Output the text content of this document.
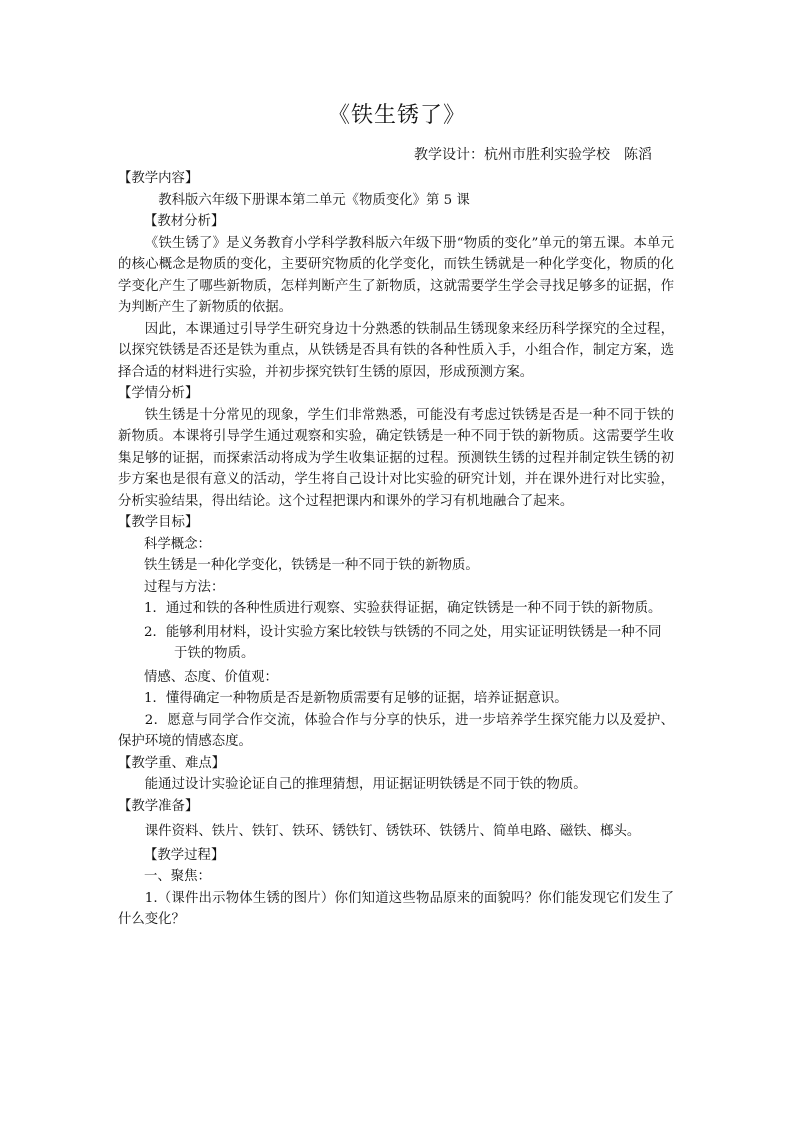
《铁生锈了》
教学设计：杭州市胜利实验学校　陈滔
【教学内容】

教科版六年级下册课本第二单元《物质变化》第 5 课

【教材分析】

《铁生锈了》是义务教育小学科学教科版六年级下册“物质的变化”单元的第五课。本单元的核心概念是物质的变化，主要研究物质的化学变化，而铁生锈就是一种化学变化，物质的化学变化产生了哪些新物质，怎样判断产生了新物质，这就需要学生学会寻找足够多的证据，作为判断产生了新物质的依据。

因此，本课通过引导学生研究身边十分熟悉的铁制品生锈现象来经历科学探究的全过程，以探究铁锈是否还是铁为重点，从铁锈是否具有铁的各种性质入手，小组合作，制定方案，选择合适的材料进行实验，并初步探究铁钉生锈的原因，形成预测方案。

【学情分析】

铁生锈是十分常见的现象，学生们非常熟悉，可能没有考虑过铁锈是否是一种不同于铁的新物质。本课将引导学生通过观察和实验，确定铁锈是一种不同于铁的新物质。这需要学生收集足够的证据，而探索活动将成为学生收集证据的过程。预测铁生锈的过程并制定铁生锈的初步方案也是很有意义的活动，学生将自己设计对比实验的研究计划，并在课外进行对比实验，分析实验结果，得出结论。这个过程把课内和课外的学习有机地融合了起来。

【教学目标】

科学概念：

铁生锈是一种化学变化，铁锈是一种不同于铁的新物质。

过程与方法：

1．通过和铁的各种性质进行观察、实验获得证据，确定铁锈是一种不同于铁的新物质。

2．能够利用材料，设计实验方案比较铁与铁锈的不同之处，用实证证明铁锈是一种不同于铁的物质。

情感、态度、价值观：

1．懂得确定一种物质是否是新物质需要有足够的证据，培养证据意识。

2．愿意与同学合作交流，体验合作与分享的快乐，进一步培养学生探究能力以及爱护、保护环境的情感态度。

【教学重、难点】

能通过设计实验论证自己的推理猜想，用证据证明铁锈是不同于铁的物质。

【教学准备】

课件资料、铁片、铁钉、铁环、锈铁钉、锈铁环、铁锈片、简单电路、磁铁、榔头。

【教学过程】

一、聚焦：

1.（课件出示物体生锈的图片）你们知道这些物品原来的面貌吗？你们能发现它们发生了什么变化？
